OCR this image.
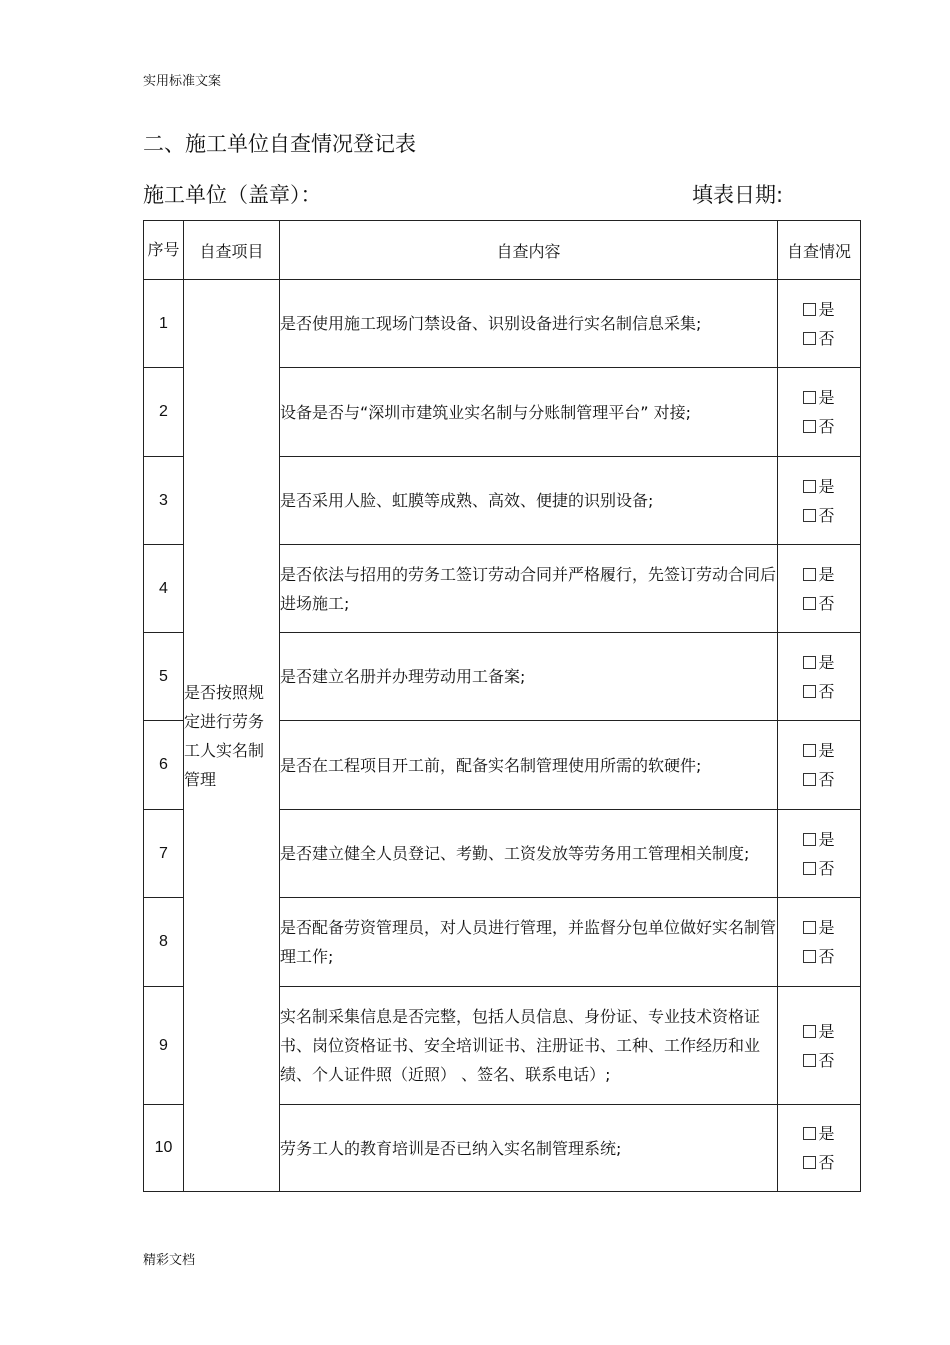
实用标准文案
二、施工单位自查情况登记表
施工单位（盖章）：	填表日期:
序号	自查项目	自查内容	自查情况
1	是否按照规定进行劳务工人实名制管理	是否使用施工现场门禁设备、识别设备进行实名制信息采集;	是
否

2		设备是否与“深圳市建筑业实名制与分账制管理平台” 对接;	是
否

3		是否采用人脸、虹膜等成熟、高效、便捷的识别设备;	是
否

4		是否依法与招用的劳务工签订劳动合同并严格履行，先签订劳动合同后进场施工;	是
否

5		是否建立名册并办理劳动用工备案;	是
否

6		是否在工程项目开工前，配备实名制管理使用所需的软硬件;	是
否

7		是否建立健全人员登记、考勤、工资发放等劳务用工管理相关制度;	是
否

8		是否配备劳资管理员，对人员进行管理，并监督分包单位做好实名制管理工作;	是
否

9		实名制采集信息是否完整，包括人员信息、身份证、专业技术资格证书、岗位资格证书、安全培训证书、注册证书、工种、工作经历和业绩、个人证件照（近照） 、签名、联系电话）;	是
否

10		劳务工人的教育培训是否已纳入实名制管理系统;	是
否
精彩文档
